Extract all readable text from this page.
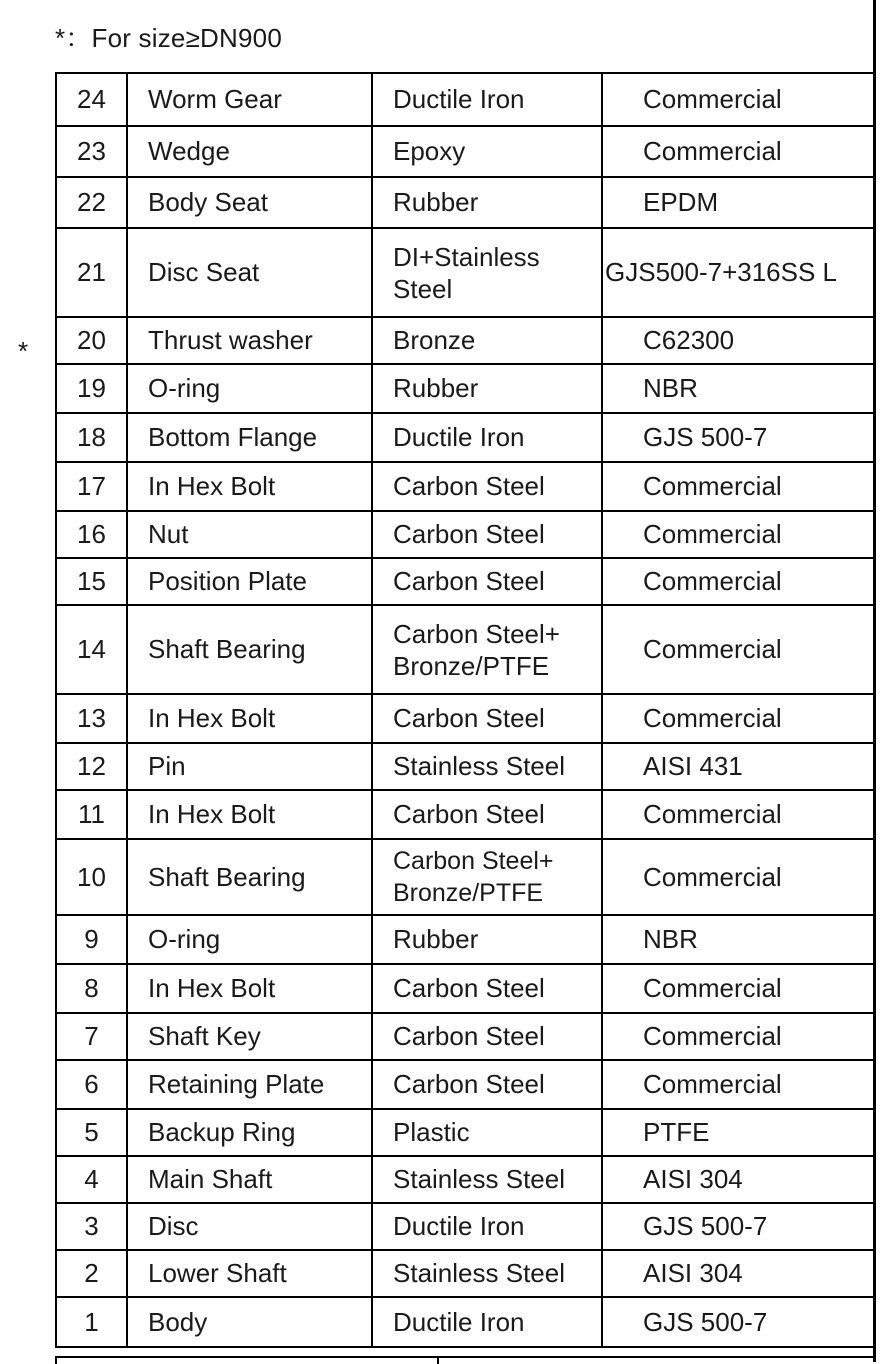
*：For size≥DN900
*
24	Worm Gear	Ductile Iron	Commercial
23	Wedge	Epoxy	Commercial
22	Body Seat	Rubber	EPDM
21	Disc Seat	DI+Stainless Steel	GJS500-7+316SS L
20	Thrust washer	Bronze	C62300
19	O-ring	Rubber	NBR
18	Bottom Flange	Ductile Iron	GJS 500-7
17	In Hex Bolt	Carbon Steel	Commercial
16	Nut	Carbon Steel	Commercial
15	Position Plate	Carbon Steel	Commercial
14	Shaft Bearing	Carbon Steel+ Bronze/PTFE	Commercial
13	In Hex Bolt	Carbon Steel	Commercial
12	Pin	Stainless Steel	AISI 431
11	In Hex Bolt	Carbon Steel	Commercial
10	Shaft Bearing	Carbon Steel+ Bronze/PTFE	Commercial
9	O-ring	Rubber	NBR
8	In Hex Bolt	Carbon Steel	Commercial
7	Shaft Key	Carbon Steel	Commercial
6	Retaining Plate	Carbon Steel	Commercial
5	Backup Ring	Plastic	PTFE
4	Main Shaft	Stainless Steel	AISI 304
3	Disc	Ductile Iron	GJS 500-7
2	Lower Shaft	Stainless Steel	AISI 304
1	Body	Ductile Iron	GJS 500-7
